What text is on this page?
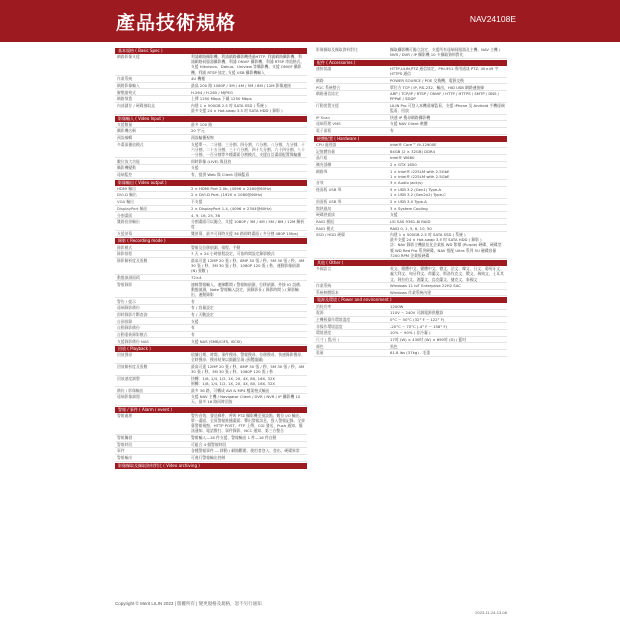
產品技術規格	NAV24108E
基本規格 ( Basic Spec )
網路影像支援	利浦網路攝影機、利浦網路攝影機透過HTTP, 利浦網路攝影機、利浦網路伺服器攝影機、利浦 ONVIF 攝影機、利浦 RTSP 串流格式、支援 Hikvision、Dahua、Uniview 等攝影機、支援 ONVIF 攝影機、利浦 RTSP 協定, 支援 USB 攝影機輸入
作業系統	4U 機種
網路影像輸入	最高 200 路 1080P / 3M / 4M / 5M / 8M / 12M 影像連接
解壓縮格式	H.264 / H.265 / MJPEG
網路頻寬	上傳 1250 Mbps 下載 1250 Mbps
內部儲存 / 硬碟抽取盒	內建 1 × 500GB 2.5 吋 SATA SSD ( 系統 )
最多支援 24 × Hot-swap 3.5 吋 SATA HDD ( 錄影 )
影像輸入 ( Video Input )
支援數量	最多 100 路
攝影機名稱	20 字元
預設編輯	預設輪播視窗
多畫面播放模式	支援單一、二分割、三分割、四分割、六分割、八分割、九分割、十六分割、二十五分割、三十六分割、四十九分割、六十四分割、八十一分割、一百分割等多種畫面分割模式，支援自訂畫面配置與輪播
數位放大功能	即時影像 (LIVE) 與回放
攝影機變動	支援
遠端監控	有，提供 Web 與 Client 遠端監看
影像輸出 ( Video output )
HDMI 輸出	2 × HDMI Port 2.0b, (4096 × 2160@60Hz)
DVI-D 輸出	2 × DVI-D Port, (1920 × 1080@60Hz)
VGA 輸出	不支援
DisplayPort 輸出	2 × DisplayPort 1.4, (4096 × 2304@60Hz)
分割畫面	4, 9, 16, 25, 36
雙路投螢輸出	分割畫面可以獨立，支援 1080P / 3M / 4M / 5M / 8M / 12M 解析度
支援螢幕	雙螢幕、最多可同時支援 36 路即時畫面 ( 多分割 480P 15fps)
錄影 ( Recording mode )
錄影模式	警報及位移偵測、排程、手動
錄影排程	7 天 × 24 小時排程設定，可依時間設定錄影模式
錄影解析度及張數	最高可達 12MP 20 張 / 秒，8MP 30 張 / 秒，5M 30 張 / 秒，4M 30 張 / 秒，3M 30 張 / 秒，1080P 120 張 / 秒，運動影像偵測 (N) 張數 )
動態偵測面積	72×4
警報錄影	連線警報輸入、連線斷開 / 警報線偵測，位移偵測、外接 IO 設備、動態偵測，Note 警報輸入設定，預錄影長 ( 錄影時間 ) / 錄影輸出，連動錄影
警告 / 提示	有
遠端錄影備份	有 / 容量設定
即時錄影片斷查詢	有 / 天數設定
自預排錄	支援
自動錄影備份	有
自動重新錄影模式	有
支援錄影備份 NAS	支援 NAS (SMB/CIFS, iSCSI)
回放 ( Playback )
回放搜尋	依據日期、時間、事件搜尋、警報搜尋、位移搜尋、快速錄影搜尋、全時搜尋、搜尋結果以縮圖呈現 (預覽縮圖)
回放解析度及張數	最高可達 12MP 20 張 / 秒，8MP 30 張 / 秒，5M 30 張 / 秒，4M 30 張 / 秒，3M 30 張 / 秒，1080P 120 張 / 秒
回放速度調整	快轉：1/8, 1/4, 1/2, 1X, 2X, 4X, 8X, 16X, 32X
倒轉：1/8, 1/4, 1/2, 1X, 2X, 4X, 8X, 16X, 32X
備份 / 影像輸出	最多 36 路，可轉成 AVI & MP4 檔案格式輸出
遠端影像調閱	支援 NAV 主機 / Navigator Client / DVR / NVR / IP 攝影機 10 天，最多 16 路同時回放
警報 / 事件 ( Alarm / event )
警報處理	警告音效、發送郵件、呼叫 PTZ 攝影機至預設點、數位 I/O 輸出、單一畫面、全屏警報推播畫面、彈出警報訊息、寫入警報記錄、全螢幕警報視窗、HTTP POST、FTP 上傳、CGI 發送、Push 通知、簡訊通知、電話撥打、事件錄影、NCC 通知、第三方整合
警報觸發	警報輸入—16 件支援、警報輸出 1 件—16 件自動
警報時段	可組合 4 個警報時段
事件	各種警報事件 — 移動 / 網路斷開、使用者登入、登出、硬碟異常
警報輸出	可進行警報輸出控制
影像擷取及擷取資料對比 ( Video archiving )
影像擷取及擷取資料對比	擷取攝影機可獨立設定、支援所有遠端伺服器及主機、NAV 主機 / NVR / DVR / IP 攝影機 10 卡擷取資料對比
配件 ( Accessories )
連接協議	HTTP,ULIN,PTZ 通信協定，PHI-951 專用通訊 PTZ, 40×49 字 HTTPS 通信
網路	POWER SOURCE / POE 交換機、電源交換
PGC 系統整合	單位方 TCP / IP, RS-232、輸出，HID USB 網路連接線
網路通信協定	ARP / TCP/IP / RTSP / ONVIF / HTTP / HTTPS / SMTP / DNS / PPPoE / SDDP
行動裝置支援	LILIN Pro 可登入本機遠端監看，支援 iPhone 及 Android 手機遠端監看、回放
IP Scan	快速 IP 搜尋網路攝影機
遠端管理 VMS	支援 NAV Client 軟體
電子面板	有
硬體配置 ( Hardware )
CPU 處理器	Intel® Core™ i9-12900E
記憶體容量	64GB (2 × 32GB) DDR4
晶片組	Intel® W680
擴充插槽	2 × GTX 1650
網路埠	1 × Intel® i225LM with 2.5GbE
1 × Intel® i225LM with 2.5GbE
音效	3 × Audio jack(s)
後面板 USB 埠	5 × USB 3.2 (Gen1) Type-A
1 × USB 3.2 (Gen2x2) Type-C
前面板 USB 埠	2 × USB 3.0 Type-A
散熱風扇	3 × System Cooling
硬碟熱插拔	支援
RAID 模組	LSI SAS 9361-8i RAID
RAID 模式	RAID 0, 1, 5, 6, 10, 50
SSD / HDD 硬碟	內建 1 × 500GB 2.5 吋 SATA SSD ( 系統 )
最多支援 24 × Hot-swap 3.5 吋 SATA HDD ( 錄影 )
註：NAV 錄影主機最佳化企業級 WD 紫標 (Purple) 硬碟、硬碟型號 WD Red Pro 系列硬碟，NAV 搭配 Ultra 系列 5U 磁碟容量 7200 RPM 企業級硬碟
其他 ( Other )
多國語言	英文、簡體中文、繁體中文、德文、法文、韓文、日文、葡萄牙文、義大利文、匈牙利文、荷蘭文、斯洛伐克文、俄文、瑞典文、土耳其文、阿拉伯文、波蘭文、烏克蘭文、捷克文、泰國文
作業系統	Windows 11 IoT Enterprise 22H2 SAC
系統軟體版本	Windows 作業系統內建
電源及環境 ( Power and environment )
消耗功率	1200W
電源	110V ~ 240V 可調電源供應器
主機板操作環境溫度	0°C ~ 50°C (32° F ~ 122° F)
非操作環境溫度	-20°C ~ 70°C (-4° F ~ 158° F)
環境溼度	10% ~ 90% ( 非冷凝 )
尺寸 ( 寬/長 )	17吋 (W) × 430吋 (W) × 690吋 (D) / 藍吋
顏色	黑色
重量	61.8 lbs (37kg) - 毛重
Copyright © Merit LILIN 2023 | 版權所有 | 變更規格及規格，恕不另行通知
2023-11-24-13-08
